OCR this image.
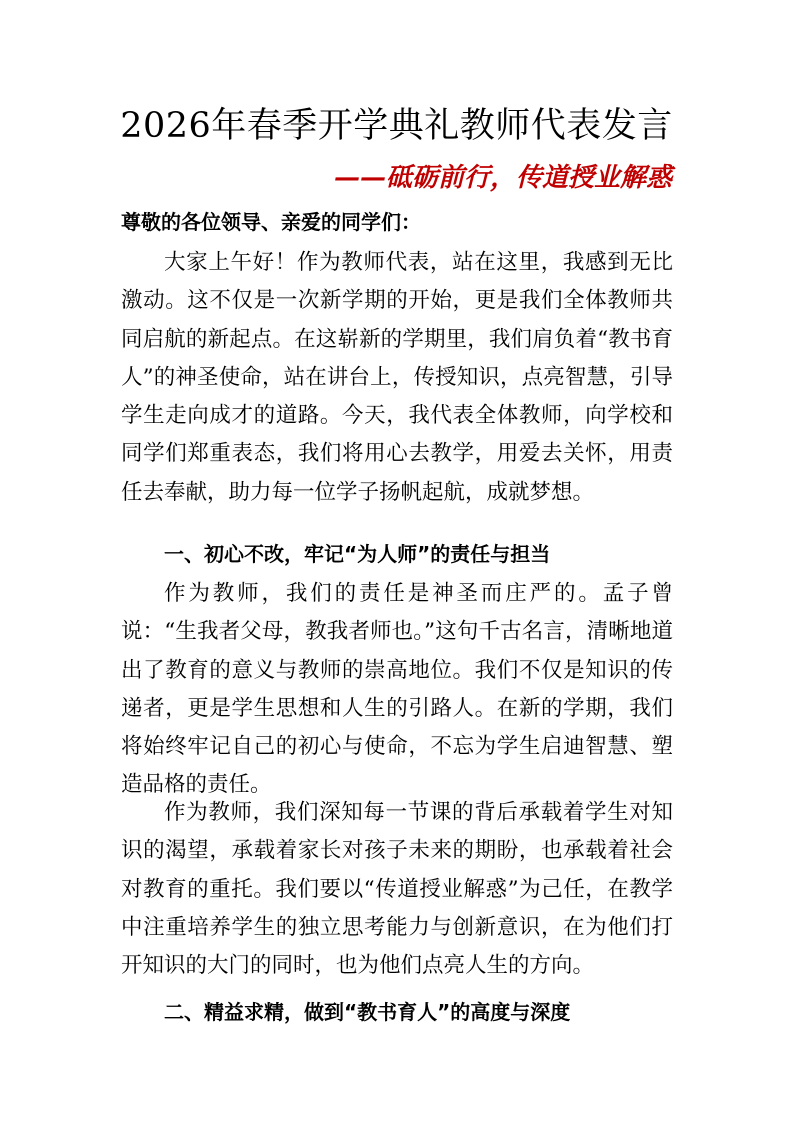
2026年春季开学典礼教师代表发言
——砥砺前行，传道授业解惑
尊敬的各位领导、亲爱的同学们：

大家上午好！作为教师代表，站在这里，我感到无比激动。这不仅是一次新学期的开始，更是我们全体教师共同启航的新起点。在这崭新的学期里，我们肩负着“教书育人”的神圣使命，站在讲台上，传授知识，点亮智慧，引导学生走向成才的道路。今天，我代表全体教师，向学校和同学们郑重表态，我们将用心去教学，用爱去关怀，用责任去奉献，助力每一位学子扬帆起航，成就梦想。

一、初心不改，牢记“为人师”的责任与担当

作为教师，我们的责任是神圣而庄严的。孟子曾说：“生我者父母，教我者师也。”这句千古名言，清晰地道出了教育的意义与教师的崇高地位。我们不仅是知识的传递者，更是学生思想和人生的引路人。在新的学期，我们将始终牢记自己的初心与使命，不忘为学生启迪智慧、塑造品格的责任。

作为教师，我们深知每一节课的背后承载着学生对知识的渴望，承载着家长对孩子未来的期盼，也承载着社会对教育的重托。我们要以“传道授业解惑”为己任，在教学中注重培养学生的独立思考能力与创新意识，在为他们打开知识的大门的同时，也为他们点亮人生的方向。

二、精益求精，做到“教书育人”的高度与深度
